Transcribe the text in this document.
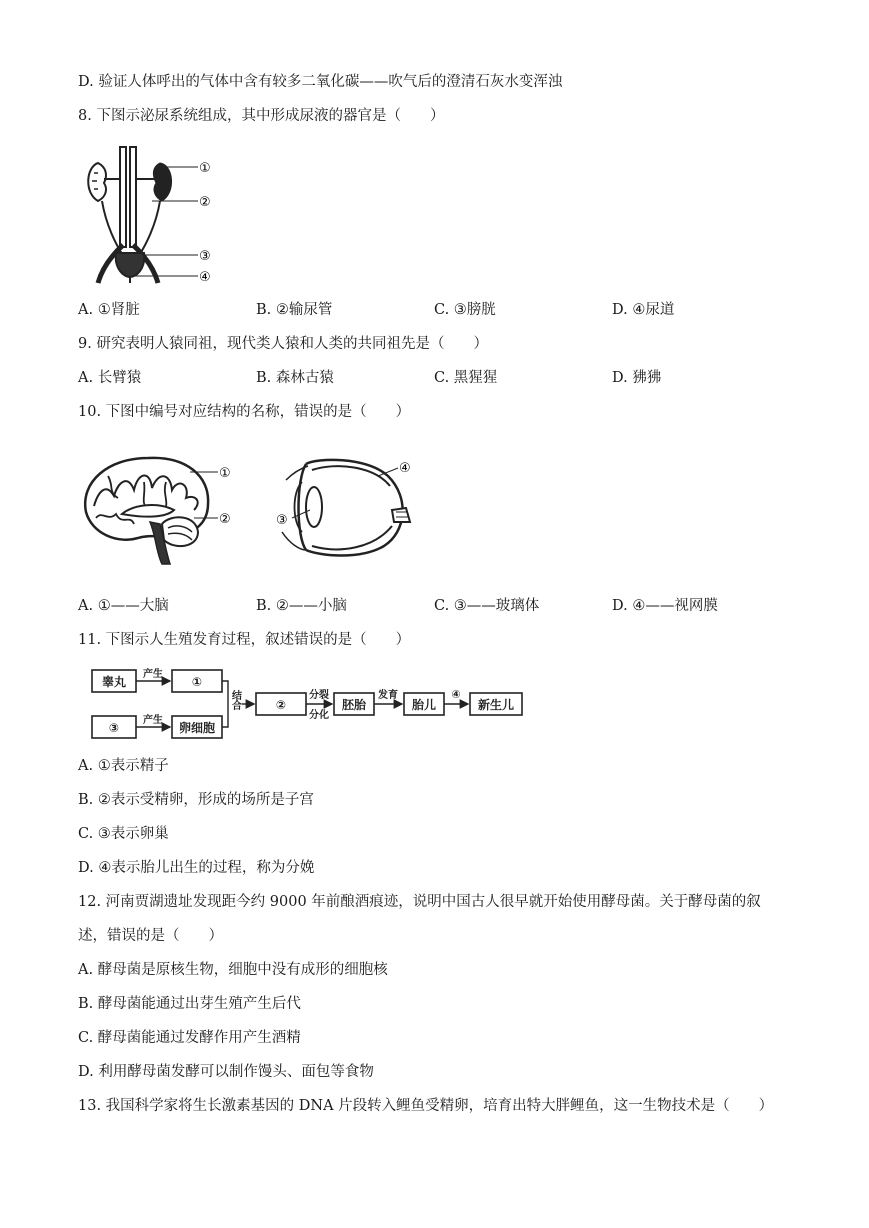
D. 验证人体呼出的气体中含有较多二氧化碳——吹气后的澄清石灰水变浑浊
8. 下图示泌尿系统组成，其中形成尿液的器官是（　　）
①
②
③
④
A. ①肾脏	B. ②输尿管	C. ③膀胱	D. ④尿道
9. 研究表明人猿同祖，现代类人猿和人类的共同祖先是（　　）
A. 长臂猿	B. 森林古猿	C. 黑猩猩	D. 狒狒
10. 下图中编号对应结构的名称，错误的是（　　）
①
②
④
③
A. ①——大脑	B. ②——小脑	C. ③——玻璃体	D. ④——视网膜
11. 下图示人生殖发育过程，叙述错误的是（　　）
睾丸
产生
①
③
产生
卵细胞
结合	②
分裂
分化
胚胎
发育
胎儿
④
新生儿
A. ①表示精子
B. ②表示受精卵，形成的场所是子宫
C. ③表示卵巢
D. ④表示胎儿出生的过程，称为分娩
12. 河南贾湖遗址发现距今约 9000 年前酿酒痕迹，说明中国古人很早就开始使用酵母菌。关于酵母菌的叙
述，错误的是（　　）
A. 酵母菌是原核生物，细胞中没有成形的细胞核
B. 酵母菌能通过出芽生殖产生后代
C. 酵母菌能通过发酵作用产生酒精
D. 利用酵母菌发酵可以制作馒头、面包等食物
13. 我国科学家将生长激素基因的 DNA 片段转入鲤鱼受精卵，培育出特大胖鲤鱼，这一生物技术是（　　）
